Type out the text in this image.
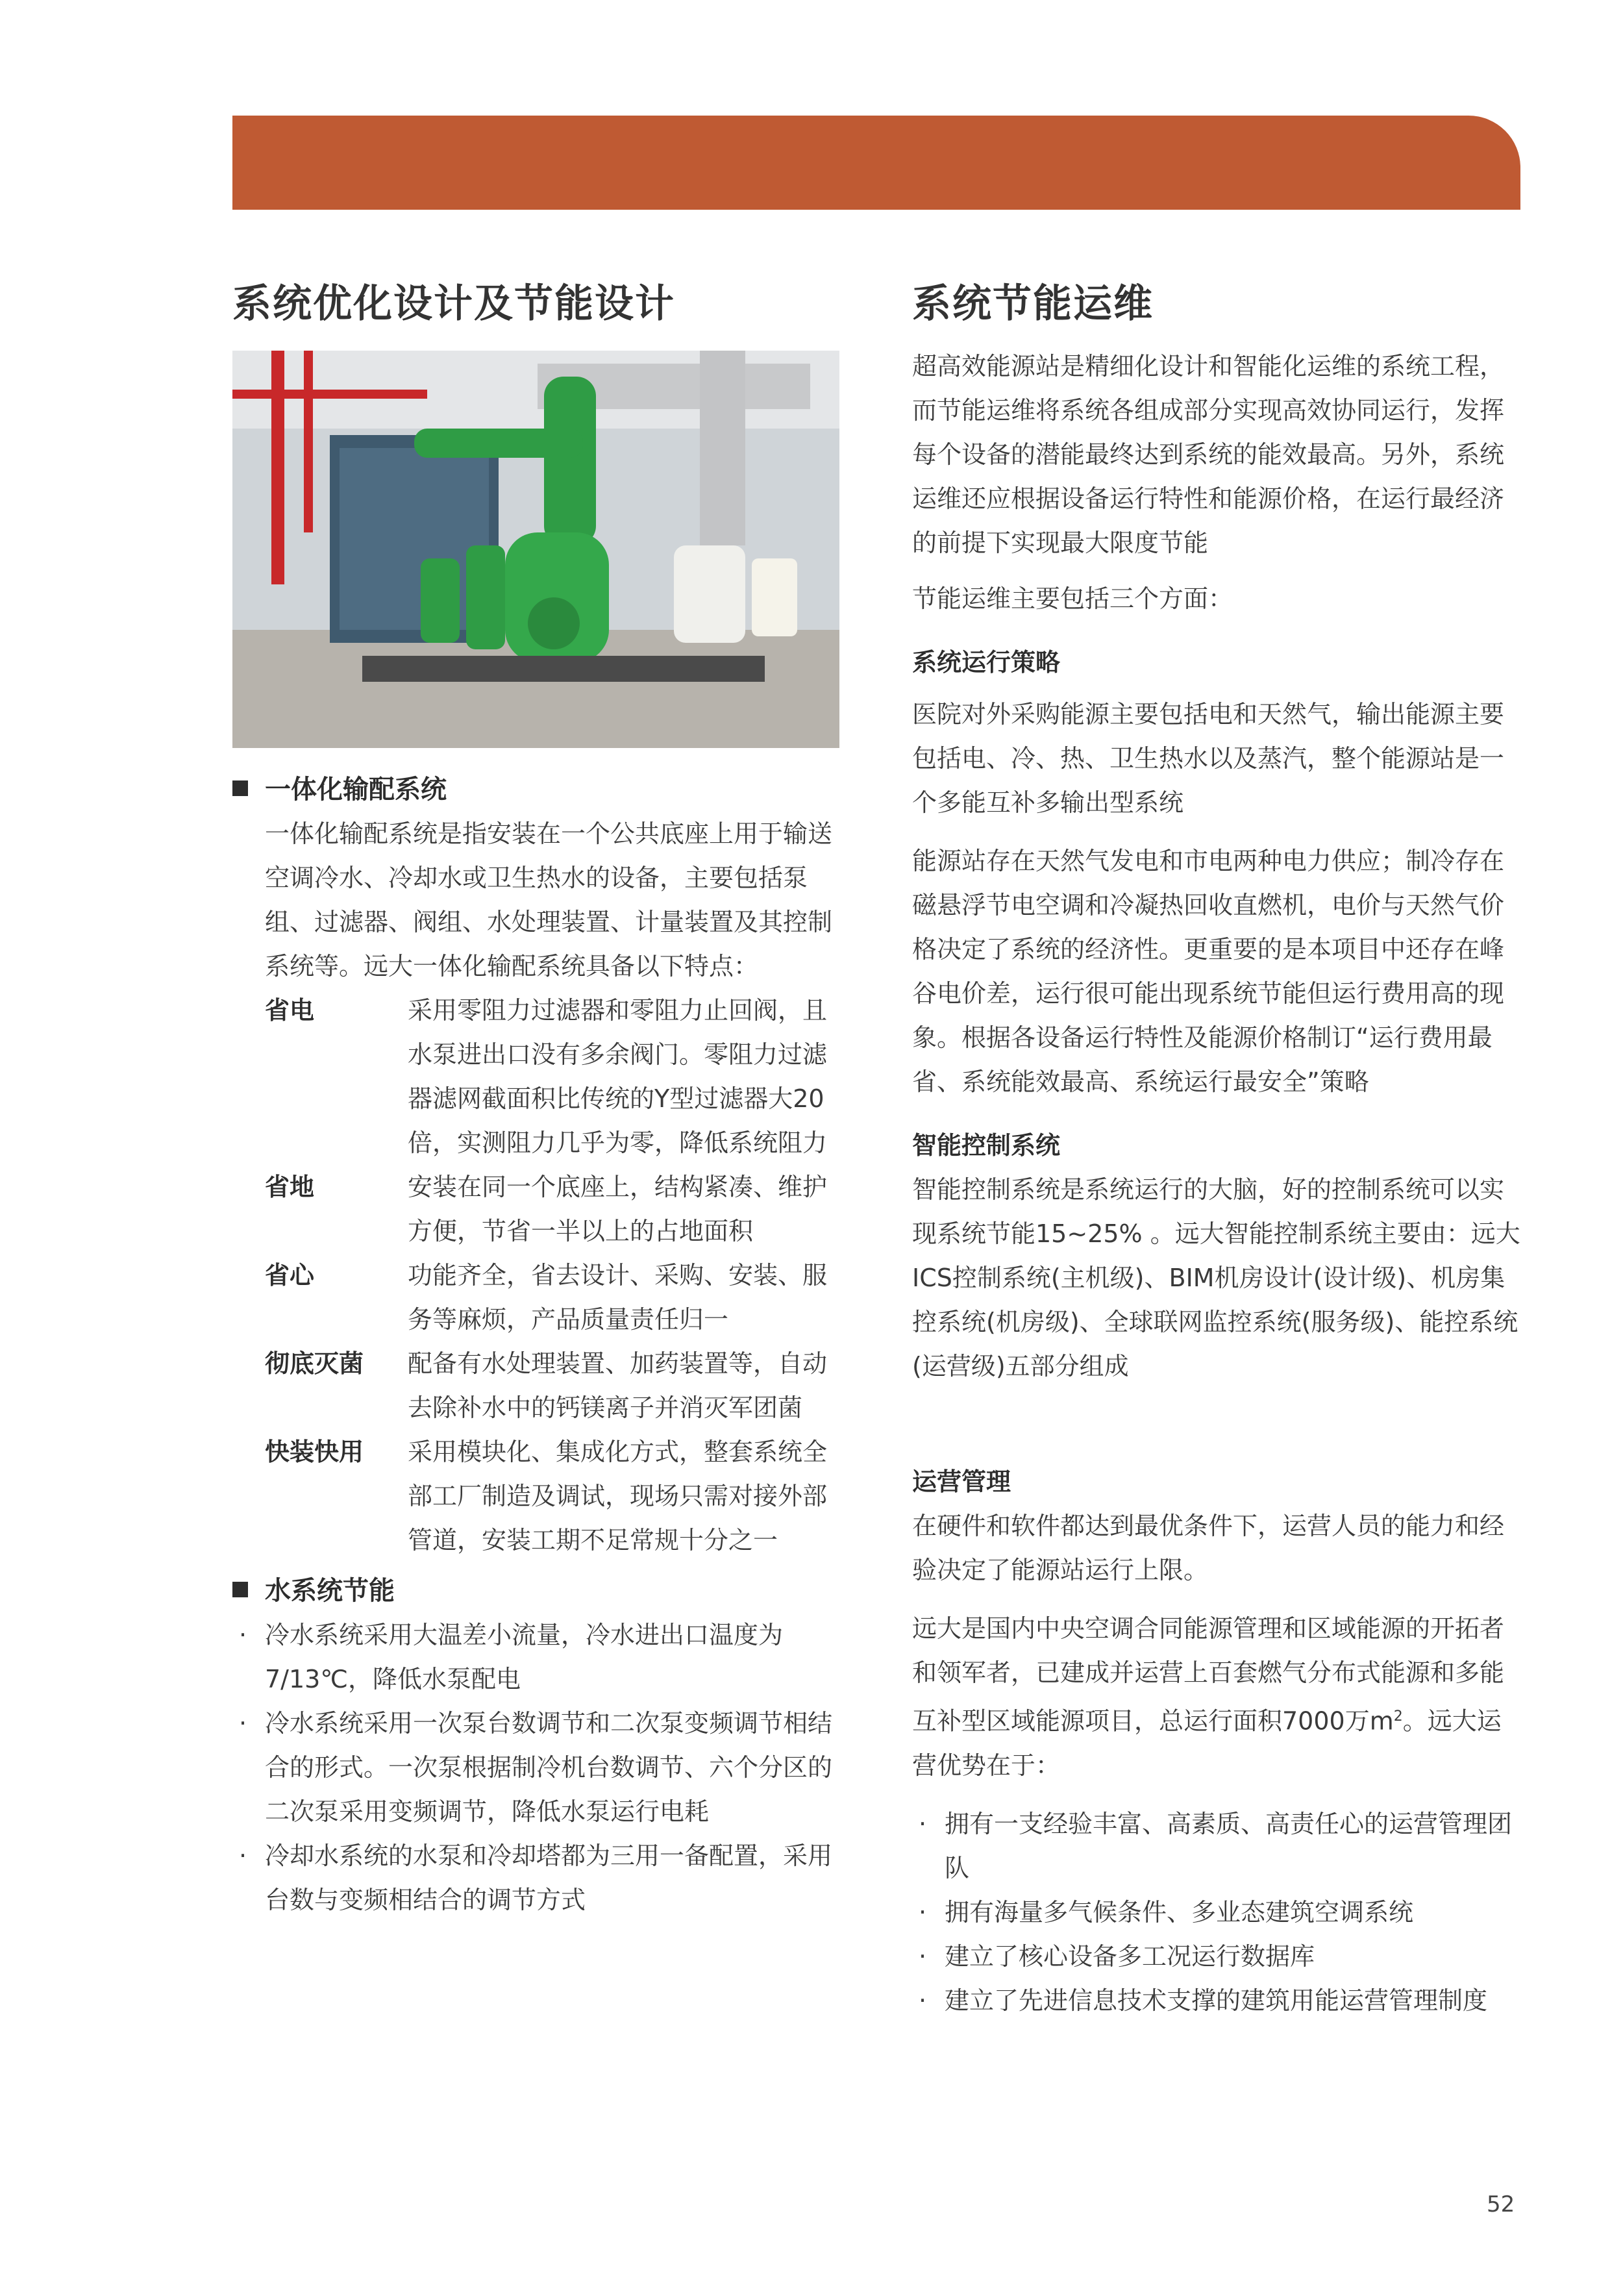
系统优化设计及节能设计
一体化输配系统
一体化输配系统是指安装在一个公共底座上用于输送空调冷水、冷却水或卫生热水的设备，主要包括泵组、过滤器、阀组、水处理装置、计量装置及其控制系统等。远大一体化输配系统具备以下特点：
省电	采用零阻力过滤器和零阻力止回阀，且水泵进出口没有多余阀门。零阻力过滤器滤网截面积比传统的Y型过滤器大20倍，实测阻力几乎为零，降低系统阻力
省地	安装在同一个底座上，结构紧凑、维护方便，节省一半以上的占地面积
省心	功能齐全，省去设计、采购、安装、服务等麻烦，产品质量责任归一
彻底灭菌	配备有水处理装置、加药装置等，自动去除补水中的钙镁离子并消灭军团菌
快装快用	采用模块化、集成化方式，整套系统全部工厂制造及调试，现场只需对接外部管道，安装工期不足常规十分之一
水系统节能
· 冷水系统采用大温差小流量，冷水进出口温度为7/13℃，降低水泵配电
· 冷水系统采用一次泵台数调节和二次泵变频调节相结合的形式。一次泵根据制冷机台数调节、六个分区的二次泵采用变频调节，降低水泵运行电耗
· 冷却水系统的水泵和冷却塔都为三用一备配置，采用台数与变频相结合的调节方式
系统节能运维
超高效能源站是精细化设计和智能化运维的系统工程，而节能运维将系统各组成部分实现高效协同运行，发挥每个设备的潜能最终达到系统的能效最高。另外，系统运维还应根据设备运行特性和能源价格，在运行最经济的前提下实现最大限度节能
节能运维主要包括三个方面：
系统运行策略
医院对外采购能源主要包括电和天然气，输出能源主要包括电、冷、热、卫生热水以及蒸汽，整个能源站是一个多能互补多输出型系统
能源站存在天然气发电和市电两种电力供应；制冷存在磁悬浮节电空调和冷凝热回收直燃机，电价与天然气价格决定了系统的经济性。更重要的是本项目中还存在峰谷电价差，运行很可能出现系统节能但运行费用高的现象。根据各设备运行特性及能源价格制订“运行费用最省、系统能效最高、系统运行最安全”策略
智能控制系统
智能控制系统是系统运行的大脑，好的控制系统可以实现系统节能15~25% 。远大智能控制系统主要由：远大ICS控制系统(主机级)、BIM机房设计(设计级)、机房集控系统(机房级)、全球联网监控系统(服务级)、能控系统(运营级)五部分组成
运营管理
在硬件和软件都达到最优条件下，运营人员的能力和经验决定了能源站运行上限。
远大是国内中央空调合同能源管理和区域能源的开拓者和领军者，已建成并运营上百套燃气分布式能源和多能互补型区域能源项目，总运行面积7000万$m^2$。远大运营优势在于：
· 拥有一支经验丰富、高素质、高责任心的运营管理团队
· 拥有海量多气候条件、多业态建筑空调系统
· 建立了核心设备多工况运行数据库
· 建立了先进信息技术支撑的建筑用能运营管理制度
52
